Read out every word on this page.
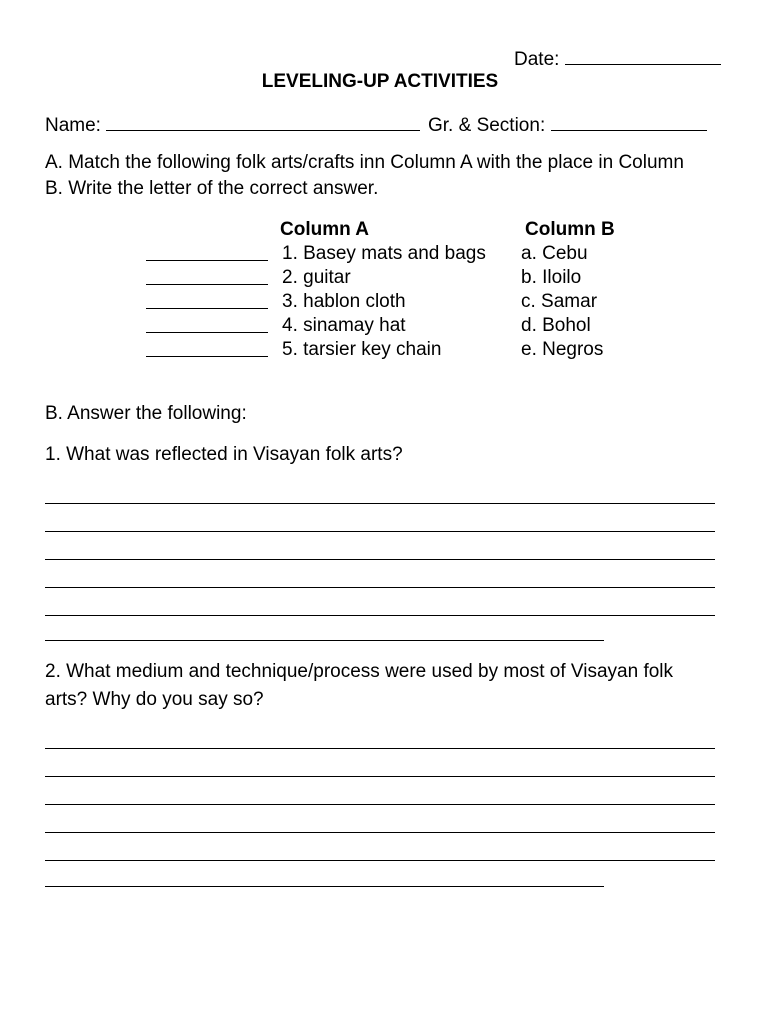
Date:
LEVELING-UP ACTIVITIES
Name:	Gr. & Section:
A. Match the following folk arts/crafts inn Column A with the place in Column
B. Write the letter of the correct answer.
Column A	Column B
1. Basey mats and bags
2. guitar
3. hablon cloth
4. sinamay hat
5. tarsier key chain
a. Cebu
b. Iloilo
c. Samar
d. Bohol
e. Negros
B. Answer the following:
1. What was reflected in Visayan folk arts?
2. What medium and technique/process were used by most of Visayan folk
arts? Why do you say so?
